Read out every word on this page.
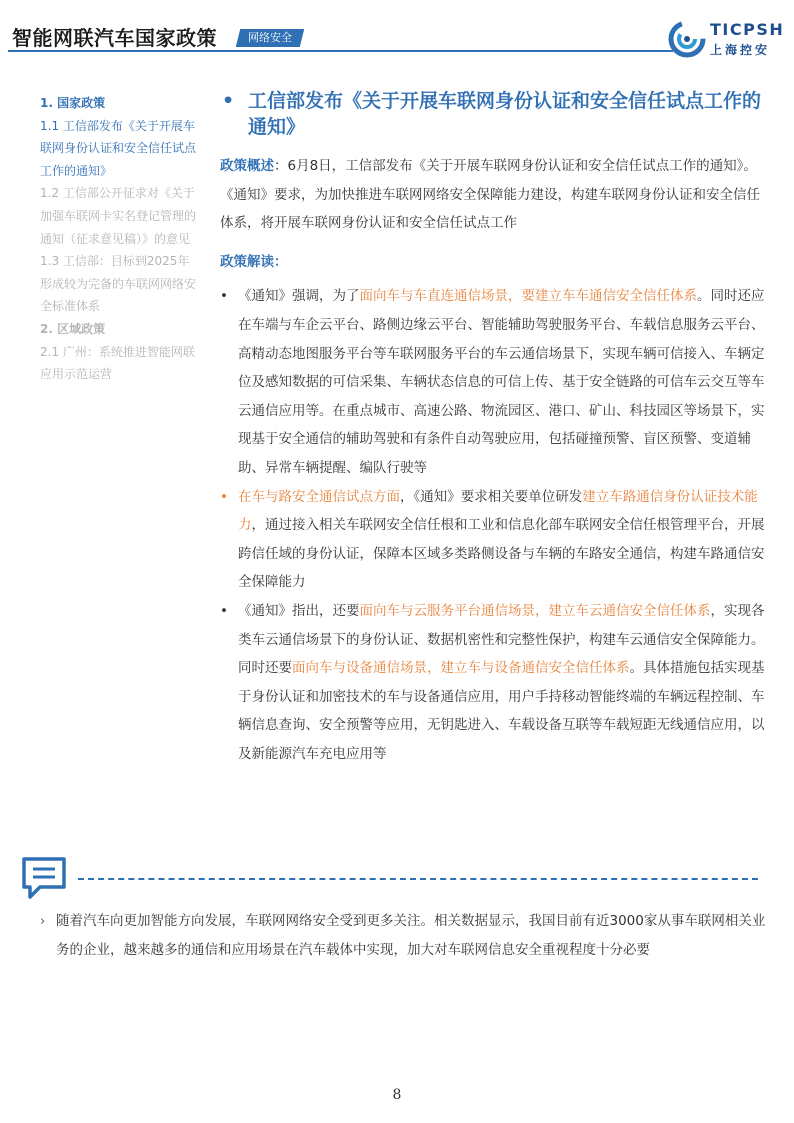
智能网联汽车国家政策	网络安全	TICPSH
上海控安
1. 国家政策
1.1 工信部发布《关于开展车联网身份认证和安全信任试点工作的通知》
1.2 工信部公开征求对《关于加强车联网卡实名登记管理的通知（征求意见稿）》的意见
1.3 工信部：目标到2025年形成较为完备的车联网网络安全标准体系
2. 区域政策
2.1 广州：系统推进智能网联应用示范运营
• 工信部发布《关于开展车联网身份认证和安全信任试点工作的通知》
政策概述：6月8日，工信部发布《关于开展车联网身份认证和安全信任试点工作的通知》。《通知》要求，为加快推进车联网网络安全保障能力建设，构建车联网身份认证和安全信任体系，将开展车联网身份认证和安全信任试点工作
政策解读：
• 《通知》强调，为了面向车与车直连通信场景，要建立车车通信安全信任体系。同时还应在车端与车企云平台、路侧边缘云平台、智能辅助驾驶服务平台、车载信息服务云平台、高精动态地图服务平台等车联网服务平台的车云通信场景下，实现车辆可信接入、车辆定位及感知数据的可信采集、车辆状态信息的可信上传、基于安全链路的可信车云交互等车云通信应用等。在重点城市、高速公路、物流园区、港口、矿山、科技园区等场景下，实现基于安全通信的辅助驾驶和有条件自动驾驶应用，包括碰撞预警、盲区预警、变道辅助、异常车辆提醒、编队行驶等
• 在车与路安全通信试点方面，《通知》要求相关要单位研发建立车路通信身份认证技术能力，通过接入相关车联网安全信任根和工业和信息化部车联网安全信任根管理平台，开展跨信任域的身份认证，保障本区域多类路侧设备与车辆的车路安全通信，构建车路通信安全保障能力
• 《通知》指出，还要面向车与云服务平台通信场景，建立车云通信安全信任体系，实现各类车云通信场景下的身份认证、数据机密性和完整性保护，构建车云通信安全保障能力。同时还要面向车与设备通信场景，建立车与设备通信安全信任体系。具体措施包括实现基于身份认证和加密技术的车与设备通信应用，用户手持移动智能终端的车辆远程控制、车辆信息查询、安全预警等应用，无钥匙进入、车载设备互联等车载短距无线通信应用，以及新能源汽车充电应用等
› 随着汽车向更加智能方向发展，车联网网络安全受到更多关注。相关数据显示，我国目前有近3000家从事车联网相关业务的企业，越来越多的通信和应用场景在汽车载体中实现，加大对车联网信息安全重视程度十分必要
8
